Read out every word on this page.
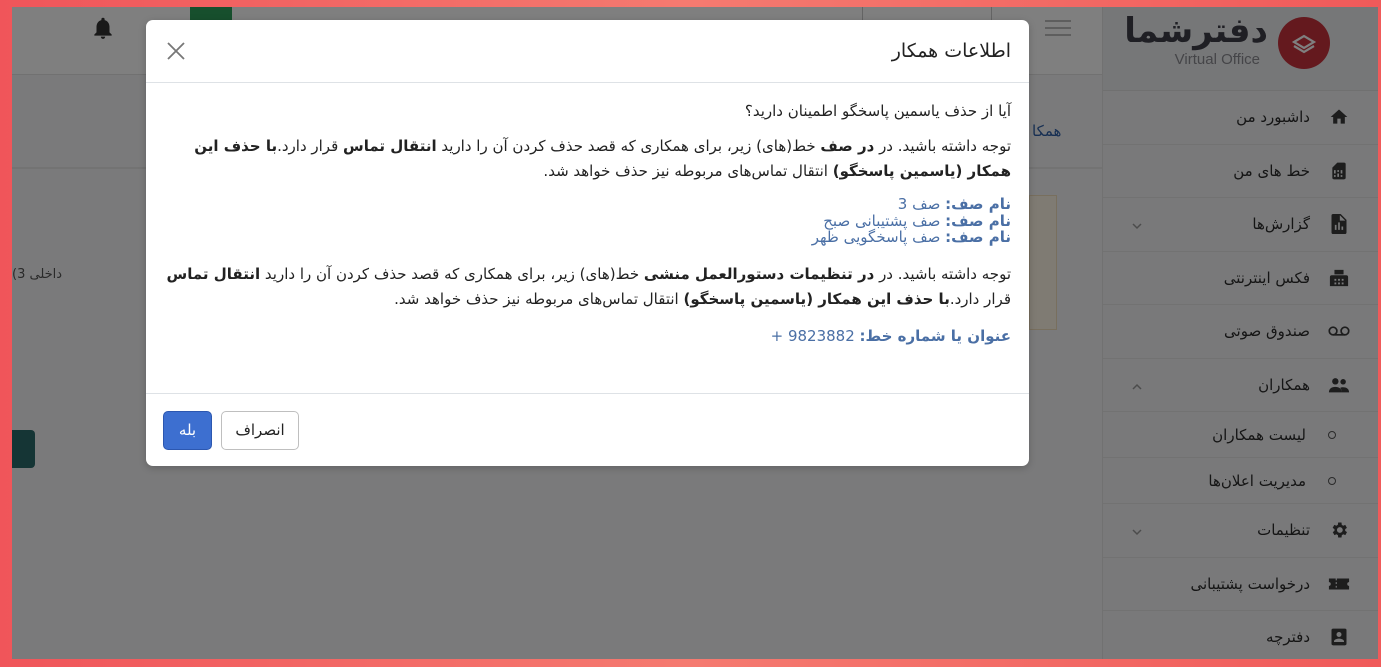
اطلاعات همکار
آیا از حذف یاسمین پاسخگو اطمینان دارید؟
توجه داشته باشید. در در صف خط(های) زیر، برای همکاری که قصد حذف کردن آن را دارید انتقال تماس قرار دارد.با حذف این همکار (یاسمین پاسخگو) انتقال تماس‌های مربوطه نیز حذف خواهد شد.
نام صف: صف 3
نام صف: صف پشتیبانی صبح
نام صف: صف پاسخگویی ظهر
توجه داشته باشید. در در تنظیمات دستورالعمل منشی خط(های) زیر، برای همکاری که قصد حذف کردن آن را دارید انتقال تماس قرار دارد.با حذف این همکار (یاسمین پاسخگو) انتقال تماس‌های مربوطه نیز حذف خواهد شد.
عنوان یا شماره خط: + 9823882
انصراف
بله
